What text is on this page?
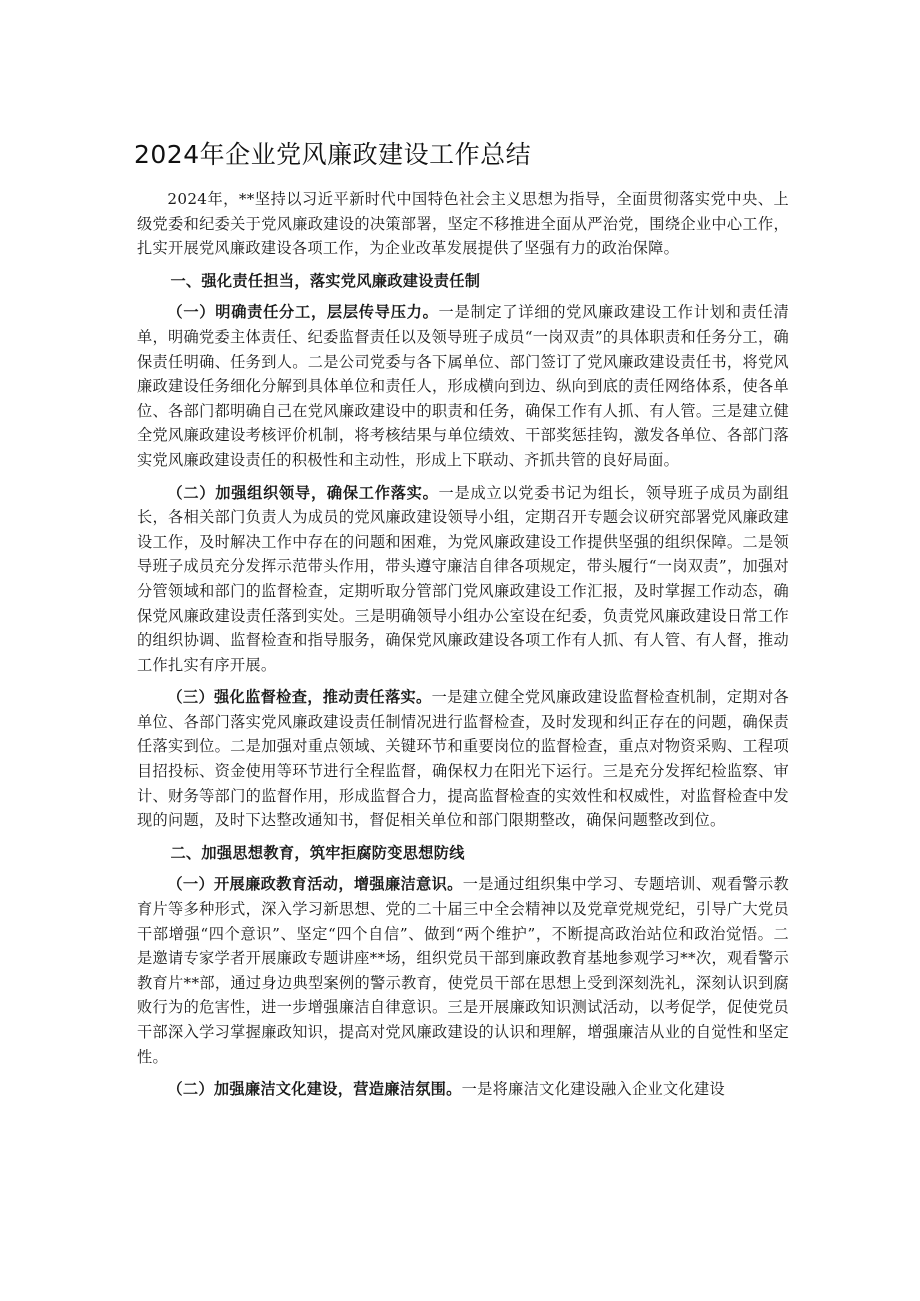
2024年企业党风廉政建设工作总结

2024年，**坚持以习近平新时代中国特色社会主义思想为指导，全面贯彻落实党中央、上级党委和纪委关于党风廉政建设的决策部署，坚定不移推进全面从严治党，围绕企业中心工作，扎实开展党风廉政建设各项工作，为企业改革发展提供了坚强有力的政治保障。

一、强化责任担当，落实党风廉政建设责任制

（一）明确责任分工，层层传导压力。一是制定了详细的党风廉政建设工作计划和责任清单，明确党委主体责任、纪委监督责任以及领导班子成员“一岗双责”的具体职责和任务分工，确保责任明确、任务到人。二是公司党委与各下属单位、部门签订了党风廉政建设责任书，将党风廉政建设任务细化分解到具体单位和责任人，形成横向到边、纵向到底的责任网络体系，使各单位、各部门都明确自己在党风廉政建设中的职责和任务，确保工作有人抓、有人管。三是建立健全党风廉政建设考核评价机制，将考核结果与单位绩效、干部奖惩挂钩，激发各单位、各部门落实党风廉政建设责任的积极性和主动性，形成上下联动、齐抓共管的良好局面。

（二）加强组织领导，确保工作落实。一是成立以党委书记为组长，领导班子成员为副组长，各相关部门负责人为成员的党风廉政建设领导小组，定期召开专题会议研究部署党风廉政建设工作，及时解决工作中存在的问题和困难，为党风廉政建设工作提供坚强的组织保障。二是领导班子成员充分发挥示范带头作用，带头遵守廉洁自律各项规定，带头履行“一岗双责”，加强对分管领域和部门的监督检查，定期听取分管部门党风廉政建设工作汇报，及时掌握工作动态，确保党风廉政建设责任落到实处。三是明确领导小组办公室设在纪委，负责党风廉政建设日常工作的组织协调、监督检查和指导服务，确保党风廉政建设各项工作有人抓、有人管、有人督，推动工作扎实有序开展。

（三）强化监督检查，推动责任落实。一是建立健全党风廉政建设监督检查机制，定期对各单位、各部门落实党风廉政建设责任制情况进行监督检查，及时发现和纠正存在的问题，确保责任落实到位。二是加强对重点领域、关键环节和重要岗位的监督检查，重点对物资采购、工程项目招投标、资金使用等环节进行全程监督，确保权力在阳光下运行。三是充分发挥纪检监察、审计、财务等部门的监督作用，形成监督合力，提高监督检查的实效性和权威性，对监督检查中发现的问题，及时下达整改通知书，督促相关单位和部门限期整改，确保问题整改到位。

二、加强思想教育，筑牢拒腐防变思想防线

（一）开展廉政教育活动，增强廉洁意识。一是通过组织集中学习、专题培训、观看警示教育片等多种形式，深入学习新思想、党的二十届三中全会精神以及党章党规党纪，引导广大党员干部增强“四个意识”、坚定“四个自信”、做到“两个维护”，不断提高政治站位和政治觉悟。二是邀请专家学者开展廉政专题讲座**场，组织党员干部到廉政教育基地参观学习**次，观看警示教育片**部，通过身边典型案例的警示教育，使党员干部在思想上受到深刻洗礼，深刻认识到腐败行为的危害性，进一步增强廉洁自律意识。三是开展廉政知识测试活动，以考促学，促使党员干部深入学习掌握廉政知识，提高对党风廉政建设的认识和理解，增强廉洁从业的自觉性和坚定性。

（二）加强廉洁文化建设，营造廉洁氛围。一是将廉洁文化建设融入企业文化建设
